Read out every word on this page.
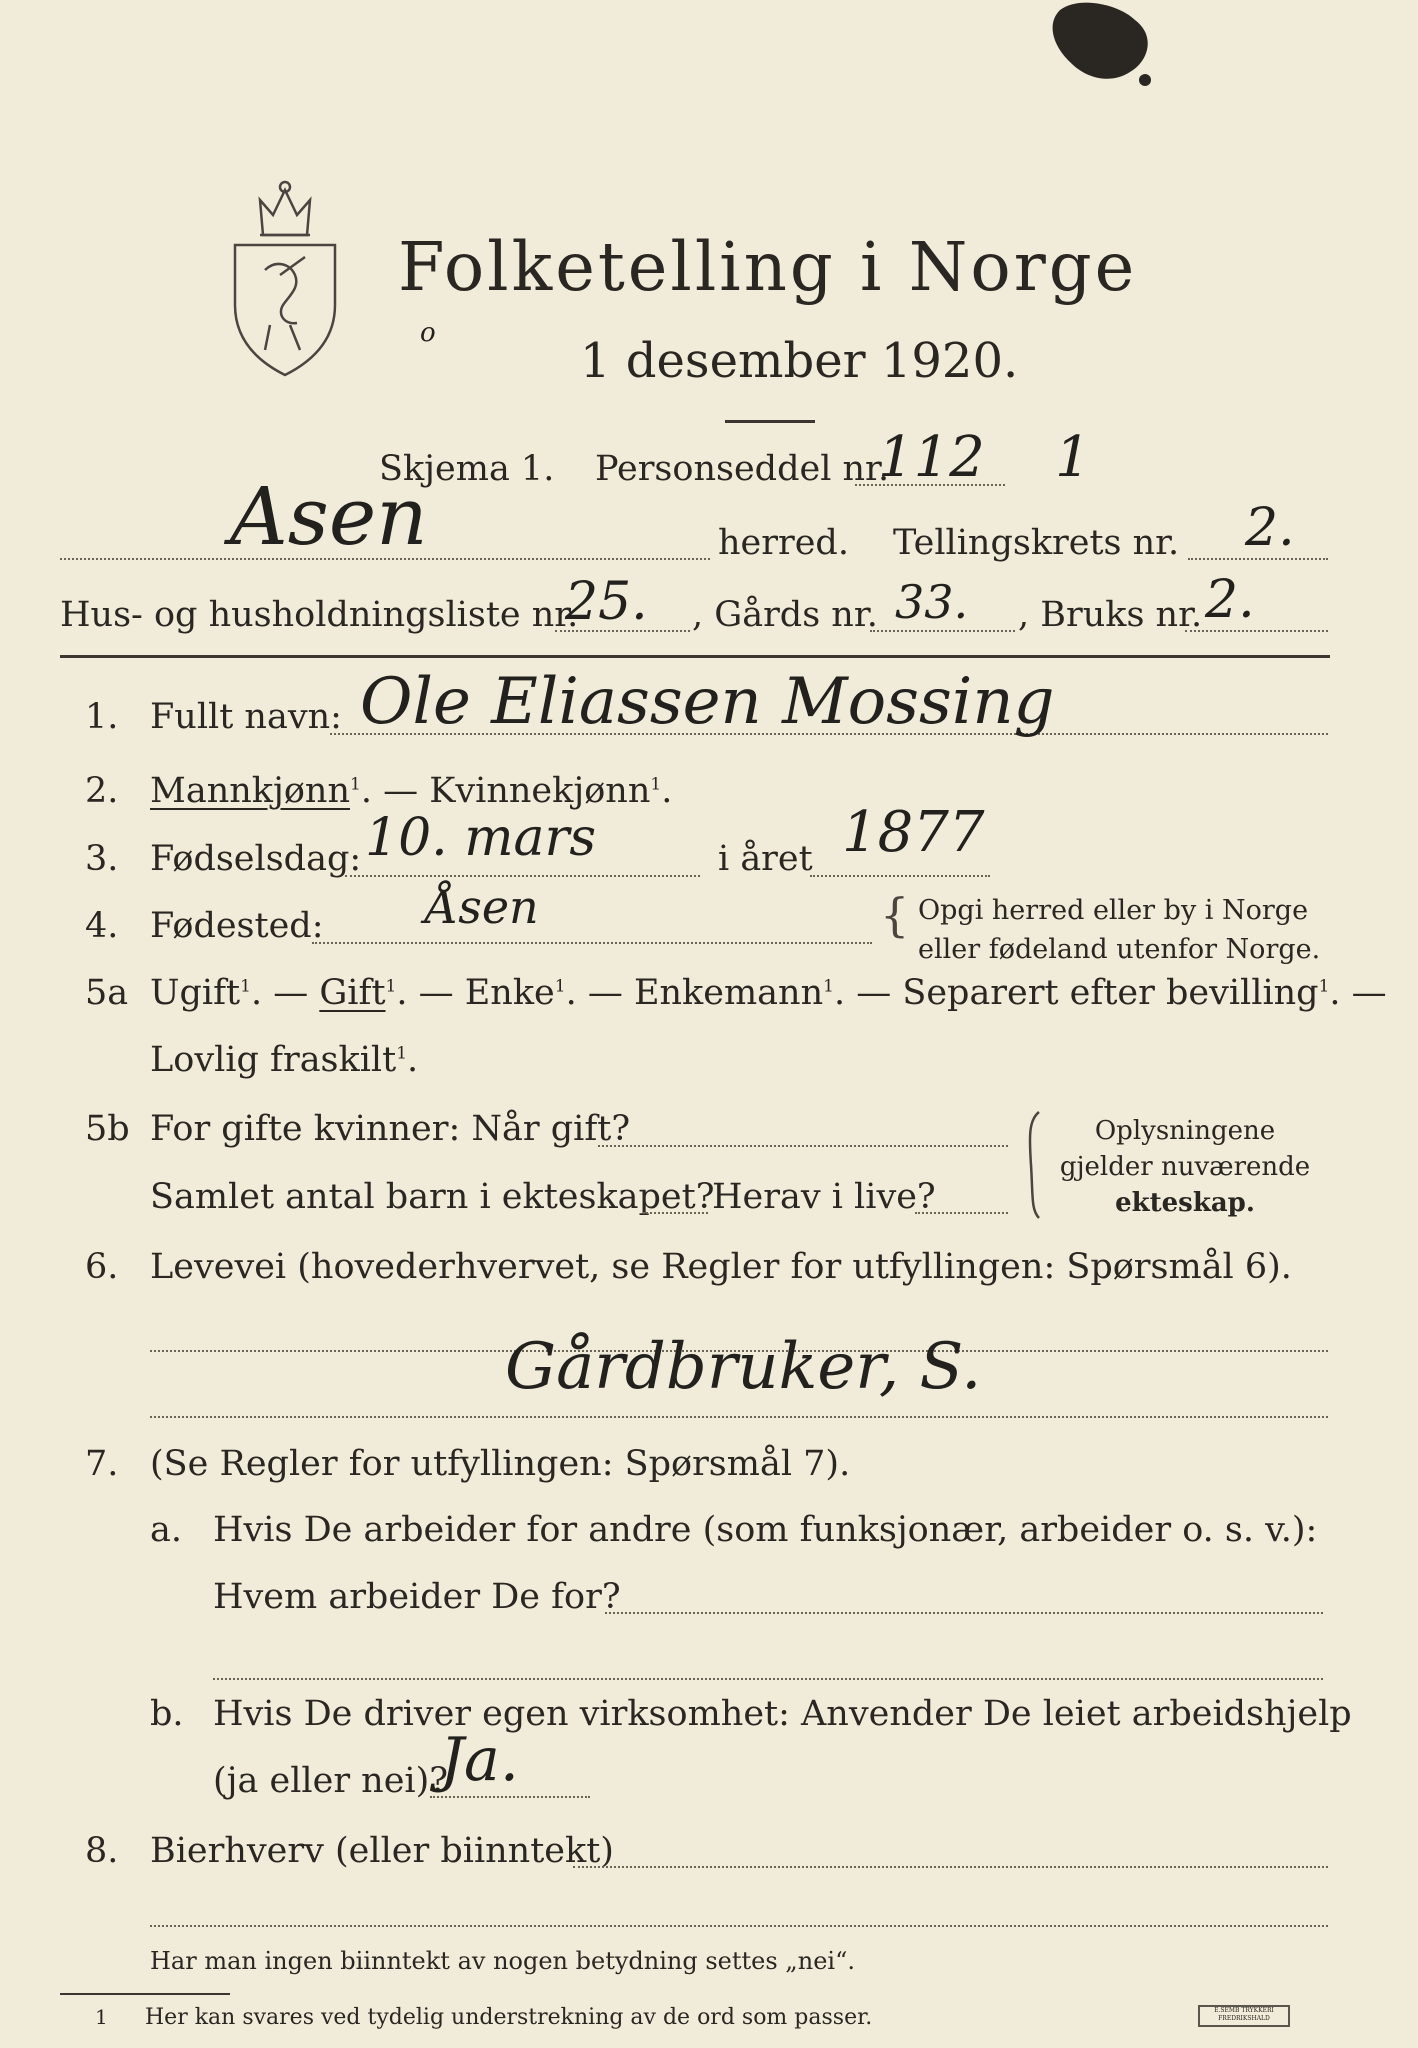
Folketelling i Norge
1 desember 1920.
o
Skjema 1. Personseddel nr.
112 1
Asen	herred. Tellingskrets nr. 2.
Hus- og husholdningsliste nr.
25. , Gårds nr. 33. , Bruks nr. 2.
1. Fullt navn: Ole Eliassen Mossing
2. Mannkjønn$^1$. — Kvinnekjønn$^1$.
3. Fødselsdag: 10. mars	i året 1877
4. Fødested: Åsen	{ Opgi herred eller by i Norge
eller fødeland utenfor Norge.
5a Ugift$^1$. — Gift$^1$. — Enke$^1$. — Enkemann$^1$. — Separert efter bevilling$^1$. —
Lovlig fraskilt$^1$.
5b For gifte kvinner: Når gift?
Samlet antal barn i ekteskapet?
Herav i live?
Oplysningene
gjelder nuværende
ekteskap.
6. Levevei (hovederhvervet, se Regler for utfyllingen: Spørsmål 6).
Gårdbruker, S.
7. (Se Regler for utfyllingen: Spørsmål 7).
a. Hvis De arbeider for andre (som funksjonær, arbeider o. s. v.):
Hvem arbeider De for?
b. Hvis De driver egen virksomhet: Anvender De leiet arbeidshjelp
(ja eller nei)?
Ja.
8. Bierhverv (eller biinntekt)
Har man ingen biinntekt av nogen betydning settes „nei“.
1 Her kan svares ved tydelig understrekning av de ord som passer.	E.SEMB TRYKKERI FREDRIKSHALD
